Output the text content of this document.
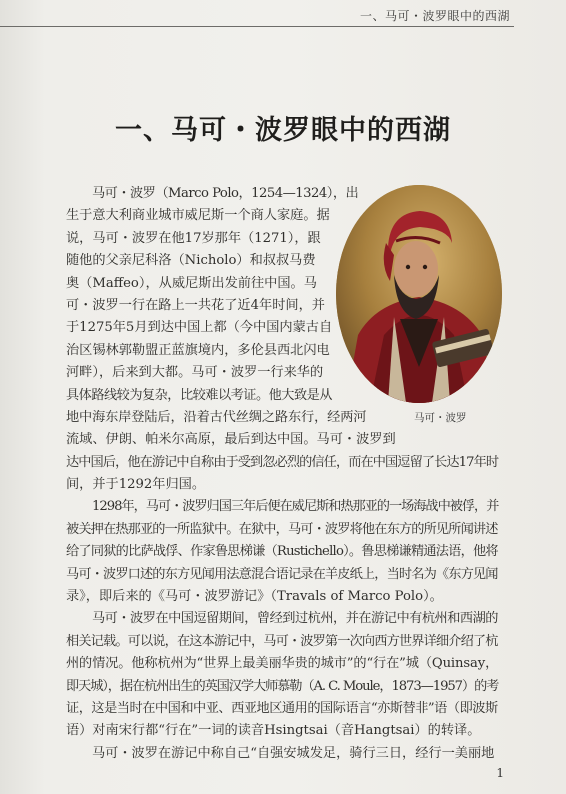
一、马可・波罗眼中的西湖
一、马可・波罗眼中的西湖
马可・波罗
马可・波罗（Marco Polo，1254—1324），出
生于意大利商业城市威尼斯一个商人家庭。据
说，马可・波罗在他17岁那年（1271），跟
随他的父亲尼科洛（Nicholo）和叔叔马费
奥（Maffeo），从威尼斯出发前往中国。马
可・波罗一行在路上一共花了近4年时间，并
于1275年5月到达中国上都（今中国内蒙古自
治区锡林郭勒盟正蓝旗境内，多伦县西北闪电
河畔），后来到大都。马可・波罗一行来华的
具体路线较为复杂，比较难以考证。他大致是从
地中海东岸登陆后，沿着古代丝绸之路东行，经两河
流域、伊朗、帕米尔高原，最后到达中国。马可・波罗到
达中国后，他在游记中自称由于受到忽必烈的信任，而在中国逗留了长达17年时
间，并于1292年归国。
1298年，马可・波罗归国三年后便在威尼斯和热那亚的一场海战中被俘，并
被关押在热那亚的一所监狱中。在狱中，马可・波罗将他在东方的所见所闻讲述
给了同狱的比萨战俘、作家鲁思梯谦（Rustichello）。鲁思梯谦精通法语，他将
马可・波罗口述的东方见闻用法意混合语记录在羊皮纸上，当时名为《东方见闻
录》，即后来的《马可・波罗游记》（Travals of Marco Polo）。
马可・波罗在中国逗留期间，曾经到过杭州，并在游记中有杭州和西湖的
相关记载。可以说，在这本游记中，马可・波罗第一次向西方世界详细介绍了杭
州的情况。他称杭州为“世界上最美丽华贵的城市”的“行在”城（Quinsay，
即天城），据在杭州出生的英国汉学大师慕勒（A. C. Moule，1873—1957）的考
证，这是当时在中国和中亚、西亚地区通用的国际语言“亦斯替非”语（即波斯
语）对南宋行都“行在”一词的读音Hsingtsai（音Hangtsai）的转译。
马可・波罗在游记中称自己“自强安城发足，骑行三日，经行一美丽地
1
